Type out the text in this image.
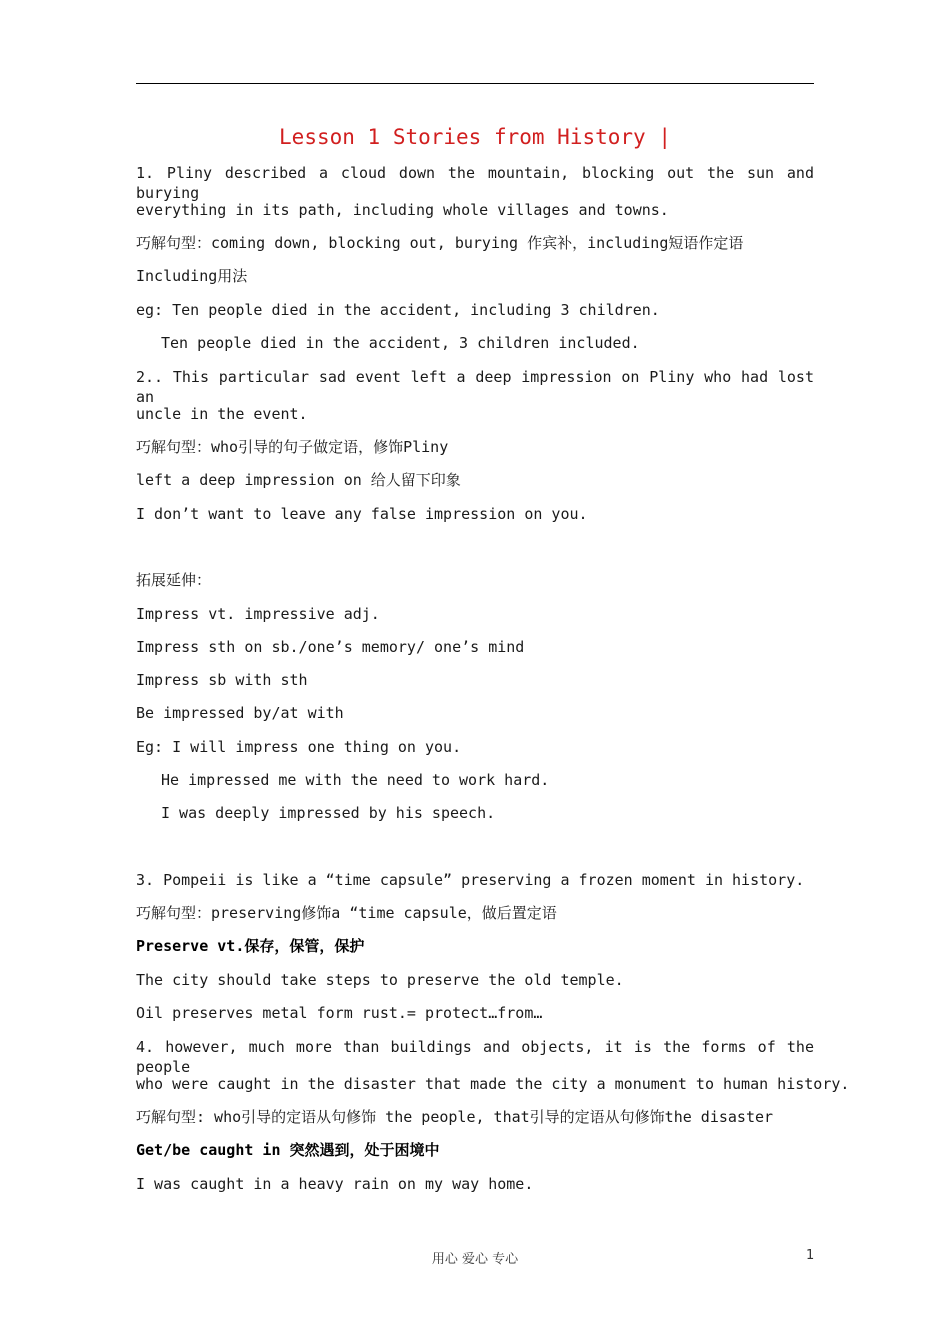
Lesson 1 Stories from History |
1. Pliny described a cloud down the mountain, blocking out the sun and burying
everything in its path, including whole villages and towns.
巧解句型：coming down, blocking out, burying 作宾补，including短语作定语
Including用法
eg: Ten people died in the accident, including 3 children.
Ten people died in the accident, 3 children included.
2.. This particular sad event left a deep impression on Pliny who had lost an
uncle in the event.
巧解句型：who引导的句子做定语，修饰Pliny
left a deep impression on 给人留下印象
I don’t want to leave any false impression on you.
拓展延伸：
Impress vt. impressive adj.
Impress sth on sb./one’s memory/ one’s mind
Impress sb with sth
Be impressed by/at with
Eg: I will impress one thing on you.
He impressed me with the need to work hard.
I was deeply impressed by his speech.
3. Pompeii is like a “time capsule” preserving a frozen moment in history.
巧解句型：preserving修饰a “time capsule，做后置定语
Preserve vt.保存，保管，保护
The city should take steps to preserve the old temple.
Oil preserves metal form rust.= protect…from…
4. however, much more than buildings and objects, it is the forms of the people
who were caught in the disaster that made the city a monument to human history.
巧解句型: who引导的定语从句修饰 the people, that引导的定语从句修饰the disaster
Get/be caught in 突然遇到，处于困境中
I was caught in a heavy rain on my way home.
用心 爱心 专心	1
